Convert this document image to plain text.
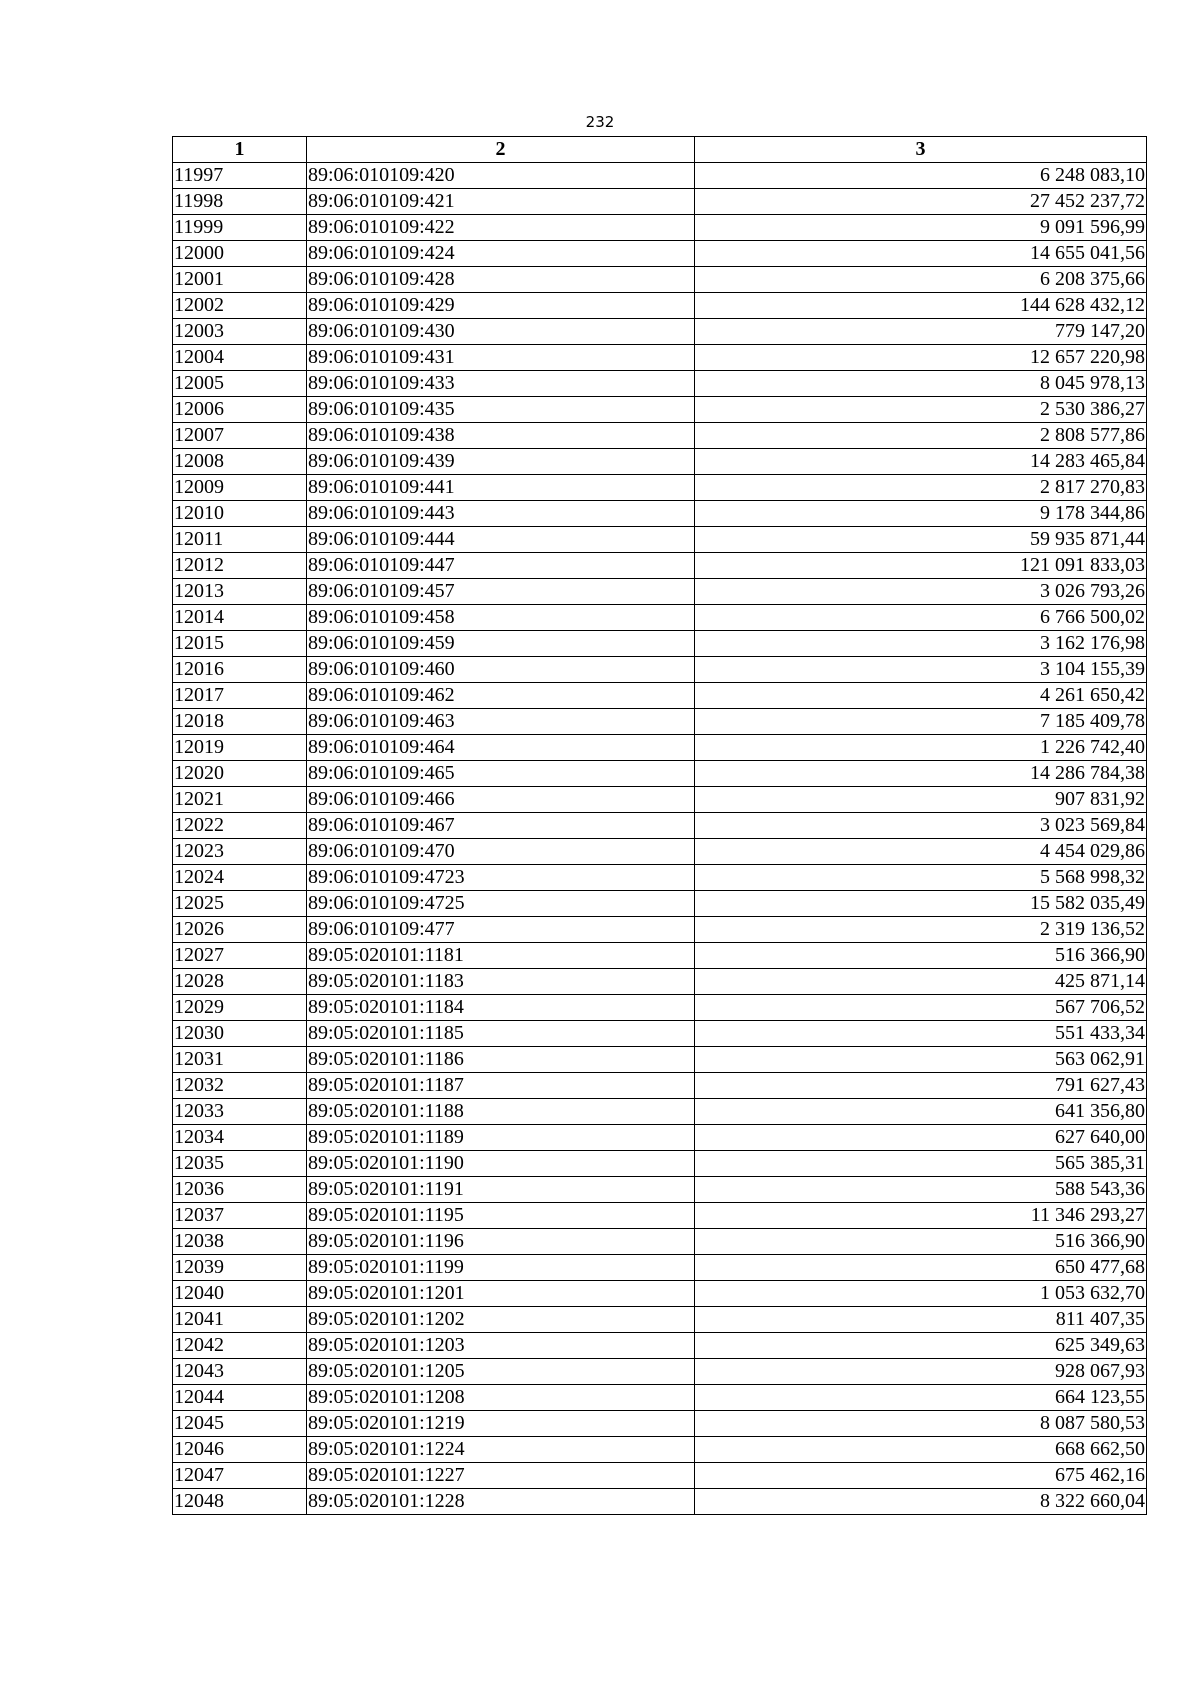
232
1	2	3
11997	89:06:010109:420	6 248 083,10
11998	89:06:010109:421	27 452 237,72
11999	89:06:010109:422	9 091 596,99
12000	89:06:010109:424	14 655 041,56
12001	89:06:010109:428	6 208 375,66
12002	89:06:010109:429	144 628 432,12
12003	89:06:010109:430	779 147,20
12004	89:06:010109:431	12 657 220,98
12005	89:06:010109:433	8 045 978,13
12006	89:06:010109:435	2 530 386,27
12007	89:06:010109:438	2 808 577,86
12008	89:06:010109:439	14 283 465,84
12009	89:06:010109:441	2 817 270,83
12010	89:06:010109:443	9 178 344,86
12011	89:06:010109:444	59 935 871,44
12012	89:06:010109:447	121 091 833,03
12013	89:06:010109:457	3 026 793,26
12014	89:06:010109:458	6 766 500,02
12015	89:06:010109:459	3 162 176,98
12016	89:06:010109:460	3 104 155,39
12017	89:06:010109:462	4 261 650,42
12018	89:06:010109:463	7 185 409,78
12019	89:06:010109:464	1 226 742,40
12020	89:06:010109:465	14 286 784,38
12021	89:06:010109:466	907 831,92
12022	89:06:010109:467	3 023 569,84
12023	89:06:010109:470	4 454 029,86
12024	89:06:010109:4723	5 568 998,32
12025	89:06:010109:4725	15 582 035,49
12026	89:06:010109:477	2 319 136,52
12027	89:05:020101:1181	516 366,90
12028	89:05:020101:1183	425 871,14
12029	89:05:020101:1184	567 706,52
12030	89:05:020101:1185	551 433,34
12031	89:05:020101:1186	563 062,91
12032	89:05:020101:1187	791 627,43
12033	89:05:020101:1188	641 356,80
12034	89:05:020101:1189	627 640,00
12035	89:05:020101:1190	565 385,31
12036	89:05:020101:1191	588 543,36
12037	89:05:020101:1195	11 346 293,27
12038	89:05:020101:1196	516 366,90
12039	89:05:020101:1199	650 477,68
12040	89:05:020101:1201	1 053 632,70
12041	89:05:020101:1202	811 407,35
12042	89:05:020101:1203	625 349,63
12043	89:05:020101:1205	928 067,93
12044	89:05:020101:1208	664 123,55
12045	89:05:020101:1219	8 087 580,53
12046	89:05:020101:1224	668 662,50
12047	89:05:020101:1227	675 462,16
12048	89:05:020101:1228	8 322 660,04
